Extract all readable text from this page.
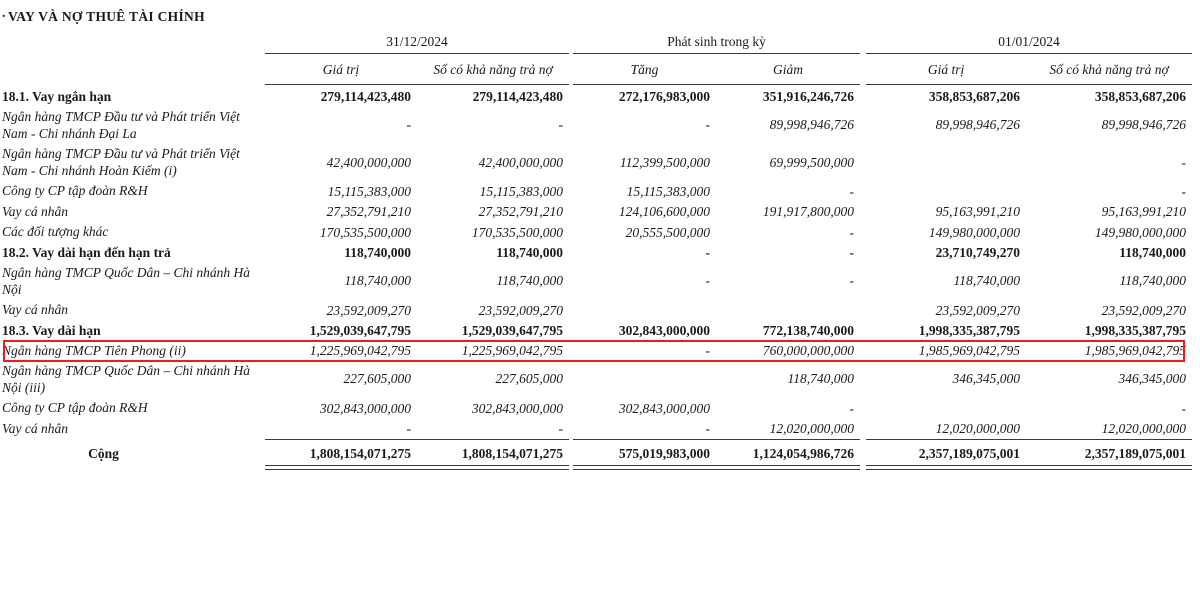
. VAY VÀ NỢ THUÊ TÀI CHÍNH
	31/12/2024			Phát sinh trong kỳ			01/01/2024	

	Giá trị	Số có khả năng trả nợ		Tăng	Giảm		Giá trị	Số có khả năng trả nợ

18.1. Vay ngắn hạn	279,114,423,480	279,114,423,480		272,176,983,000	351,916,246,726		358,853,687,206	358,853,687,206
Ngân hàng TMCP Đầu tư và Phát triển Việt Nam - Chi nhánh Đại La	-	-		-	89,998,946,726		89,998,946,726	89,998,946,726
Ngân hàng TMCP Đầu tư và Phát triển Việt Nam - Chi nhánh Hoàn Kiếm (i)	42,400,000,000	42,400,000,000		112,399,500,000	69,999,500,000			-
Công ty CP tập đoàn R&H	15,115,383,000	15,115,383,000		15,115,383,000	-			-
Vay cá nhân	27,352,791,210	27,352,791,210		124,106,600,000	191,917,800,000		95,163,991,210	95,163,991,210
Các đối tượng khác	170,535,500,000	170,535,500,000		20,555,500,000	-		149,980,000,000	149,980,000,000
18.2. Vay dài hạn đến hạn trả	118,740,000	118,740,000		-	-		23,710,749,270	118,740,000
Ngân hàng TMCP Quốc Dân – Chi nhánh Hà Nội	118,740,000	118,740,000		-	-		118,740,000	118,740,000
Vay cá nhân	23,592,009,270	23,592,009,270					23,592,009,270	23,592,009,270
18.3. Vay dài hạn	1,529,039,647,795	1,529,039,647,795		302,843,000,000	772,138,740,000		1,998,335,387,795	1,998,335,387,795
Ngân hàng TMCP Tiên Phong (ii)	1,225,969,042,795	1,225,969,042,795		-	760,000,000,000		1,985,969,042,795	1,985,969,042,795
Ngân hàng TMCP Quốc Dân – Chi nhánh Hà Nội (iii)	227,605,000	227,605,000			118,740,000		346,345,000	346,345,000
Công ty CP tập đoàn R&H	302,843,000,000	302,843,000,000		302,843,000,000	-			-
Vay cá nhân	-	-		-	12,020,000,000		12,020,000,000	12,020,000,000

Cộng	1,808,154,071,275	1,808,154,071,275		575,019,983,000	1,124,054,986,726		2,357,189,075,001	2,357,189,075,001
